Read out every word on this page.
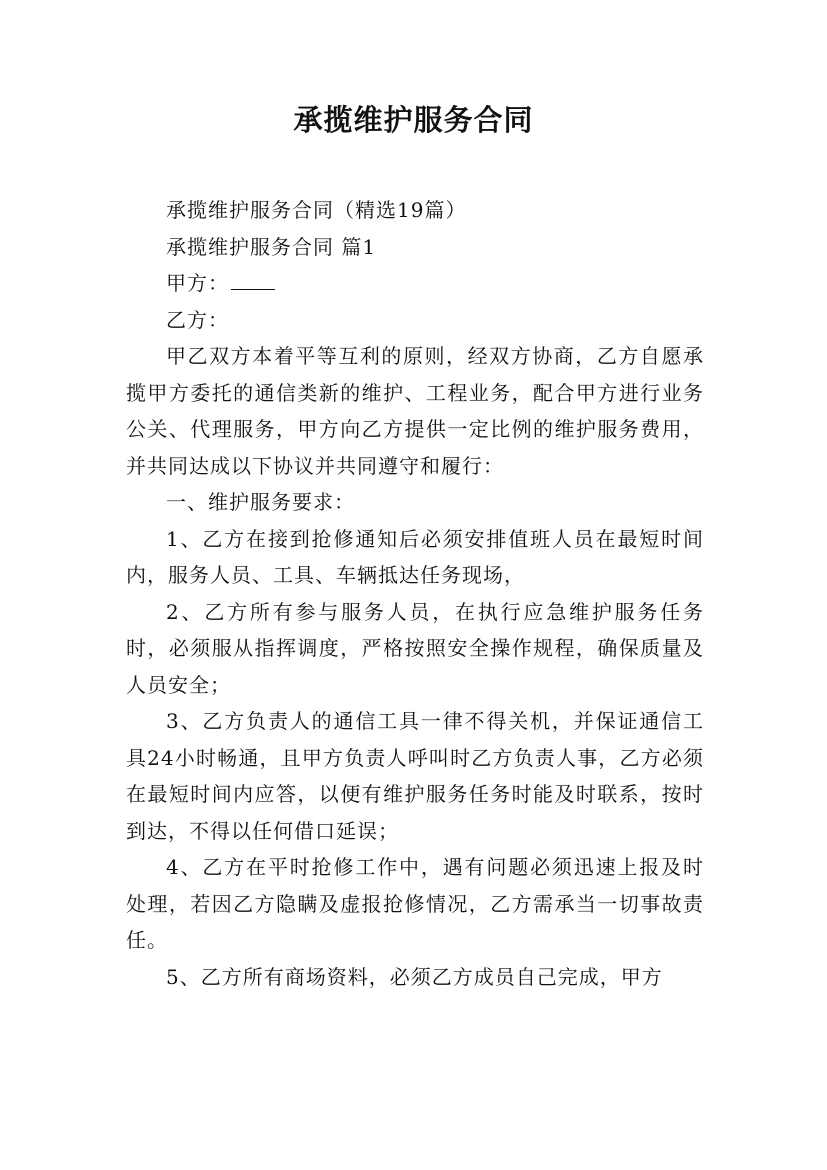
承揽维护服务合同

承揽维护服务合同（精选19篇）

承揽维护服务合同 篇1

甲方：

乙方：

甲乙双方本着平等互利的原则，经双方协商，乙方自愿承揽甲方委托的通信类新的维护、工程业务，配合甲方进行业务公关、代理服务，甲方向乙方提供一定比例的维护服务费用，并共同达成以下协议并共同遵守和履行：

一、维护服务要求：

1、乙方在接到抢修通知后必须安排值班人员在最短时间内，服务人员、工具、车辆抵达任务现场，

2、乙方所有参与服务人员，在执行应急维护服务任务时，必须服从指挥调度，严格按照安全操作规程，确保质量及人员安全；

3、乙方负责人的通信工具一律不得关机，并保证通信工具24小时畅通，且甲方负责人呼叫时乙方负责人事，乙方必须在最短时间内应答，以便有维护服务任务时能及时联系，按时到达，不得以任何借口延误；

4、乙方在平时抢修工作中，遇有问题必须迅速上报及时处理，若因乙方隐瞒及虚报抢修情况，乙方需承当一切事故责任。

5、乙方所有商场资料，必须乙方成员自己完成，甲方
